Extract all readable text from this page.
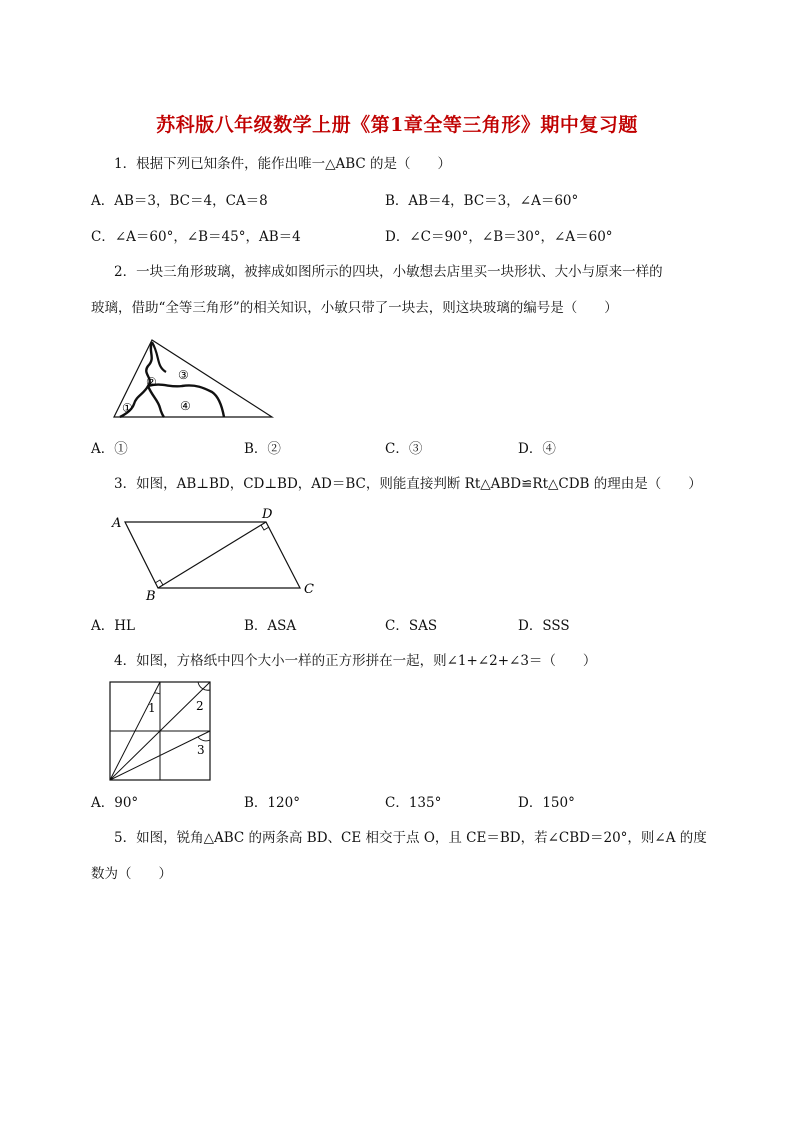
苏科版八年级数学上册《第1章全等三角形》期中复习题
1．根据下列已知条件，能作出唯一△ABC 的是（　　）
A．AB＝3，BC＝4，CA＝8	B．AB＝4，BC＝3，∠A＝60°
C．∠A＝60°，∠B＝45°，AB＝4	D．∠C＝90°，∠B＝30°，∠A＝60°
2．一块三角形玻璃，被摔成如图所示的四块，小敏想去店里买一块形状、大小与原来一样的
玻璃，借助“全等三角形”的相关知识，小敏只带了一块去，则这块玻璃的编号是（　　）
①
② ③
④
A．①	B．②	C．③	D．④
3．如图，AB⊥BD，CD⊥BD，AD＝BC，则能直接判断 Rt△ABD≌Rt△CDB 的理由是（　　）
A
D
C
B
A．HL	B．ASA	C．SAS	D．SSS
4．如图，方格纸中四个大小一样的正方形拼在一起，则∠1+∠2+∠3＝（　　）
1	2
3
A．90°	B．120°	C．135°	D．150°
5．如图，锐角△ABC 的两条高 BD、CE 相交于点 O，且 CE＝BD，若∠CBD＝20°，则∠A 的度
数为（　　）
